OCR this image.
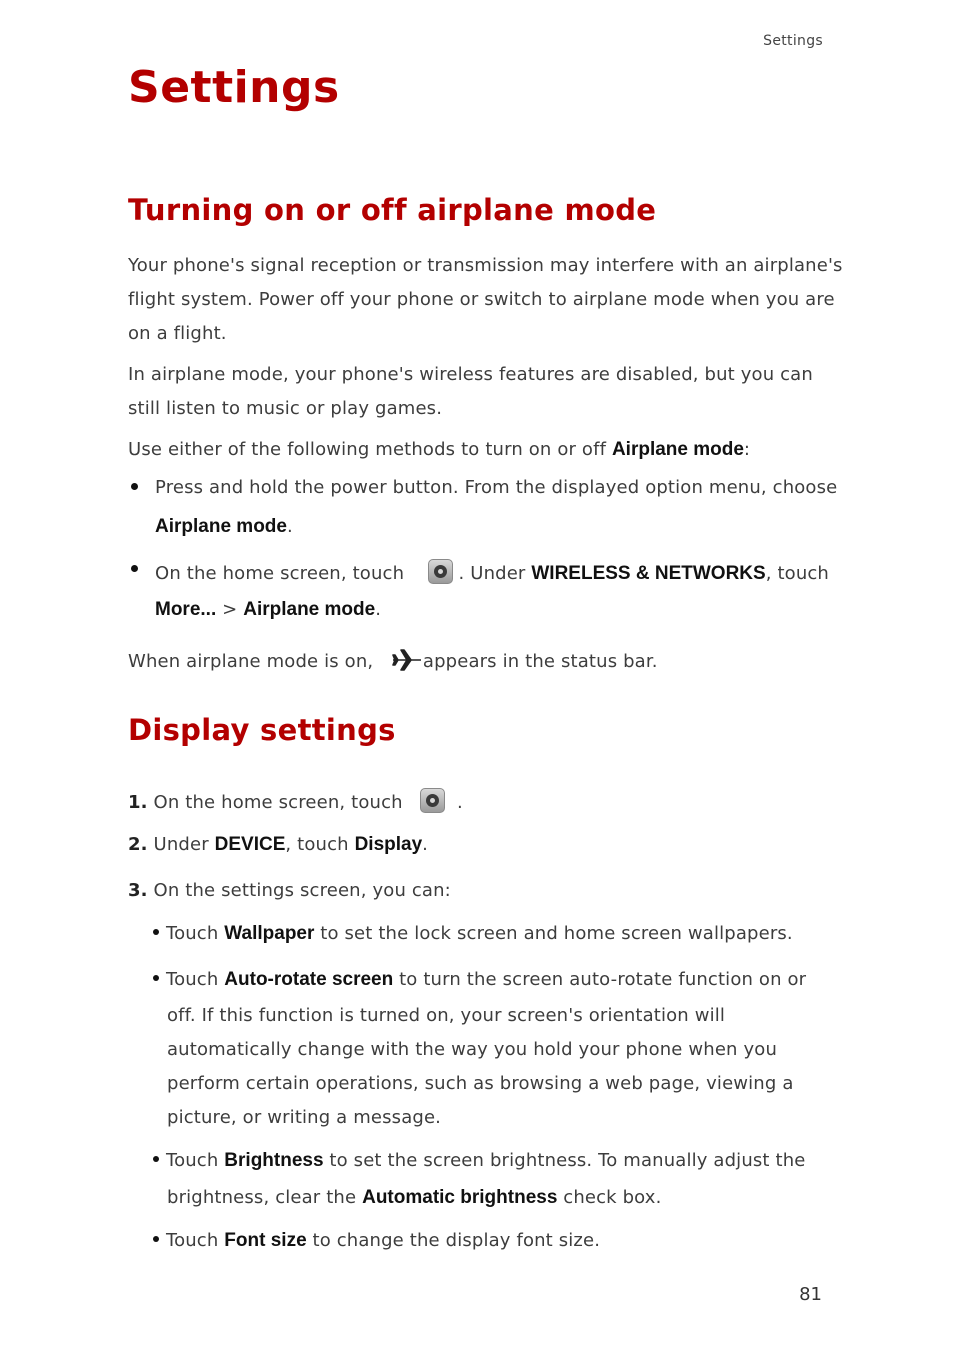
Settings
Settings
Turning on or off airplane mode
Your phone's signal reception or transmission may interfere with an airplane's
flight system. Power off your phone or switch to airplane mode when you are
on a flight.
In airplane mode, your phone's wireless features are disabled, but you can
still listen to music or play games.
Use either of the following methods to turn on or off Airplane mode:
Press and hold the power button. From the displayed option menu, choose
Airplane mode.
On the home screen, touch	. Under WIRELESS & NETWORKS, touch
More... > Airplane mode.
When airplane mode is on,	appears in the status bar.
Display settings
1. On the home screen, touch	.
2. Under DEVICE, touch Display.
3. On the settings screen, you can:
Touch Wallpaper to set the lock screen and home screen wallpapers.
Touch Auto-rotate screen to turn the screen auto-rotate function on or
off. If this function is turned on, your screen's orientation will
automatically change with the way you hold your phone when you
perform certain operations, such as browsing a web page, viewing a
picture, or writing a message.
Touch Brightness to set the screen brightness. To manually adjust the
brightness, clear the Automatic brightness check box.
Touch Font size to change the display font size.
81
